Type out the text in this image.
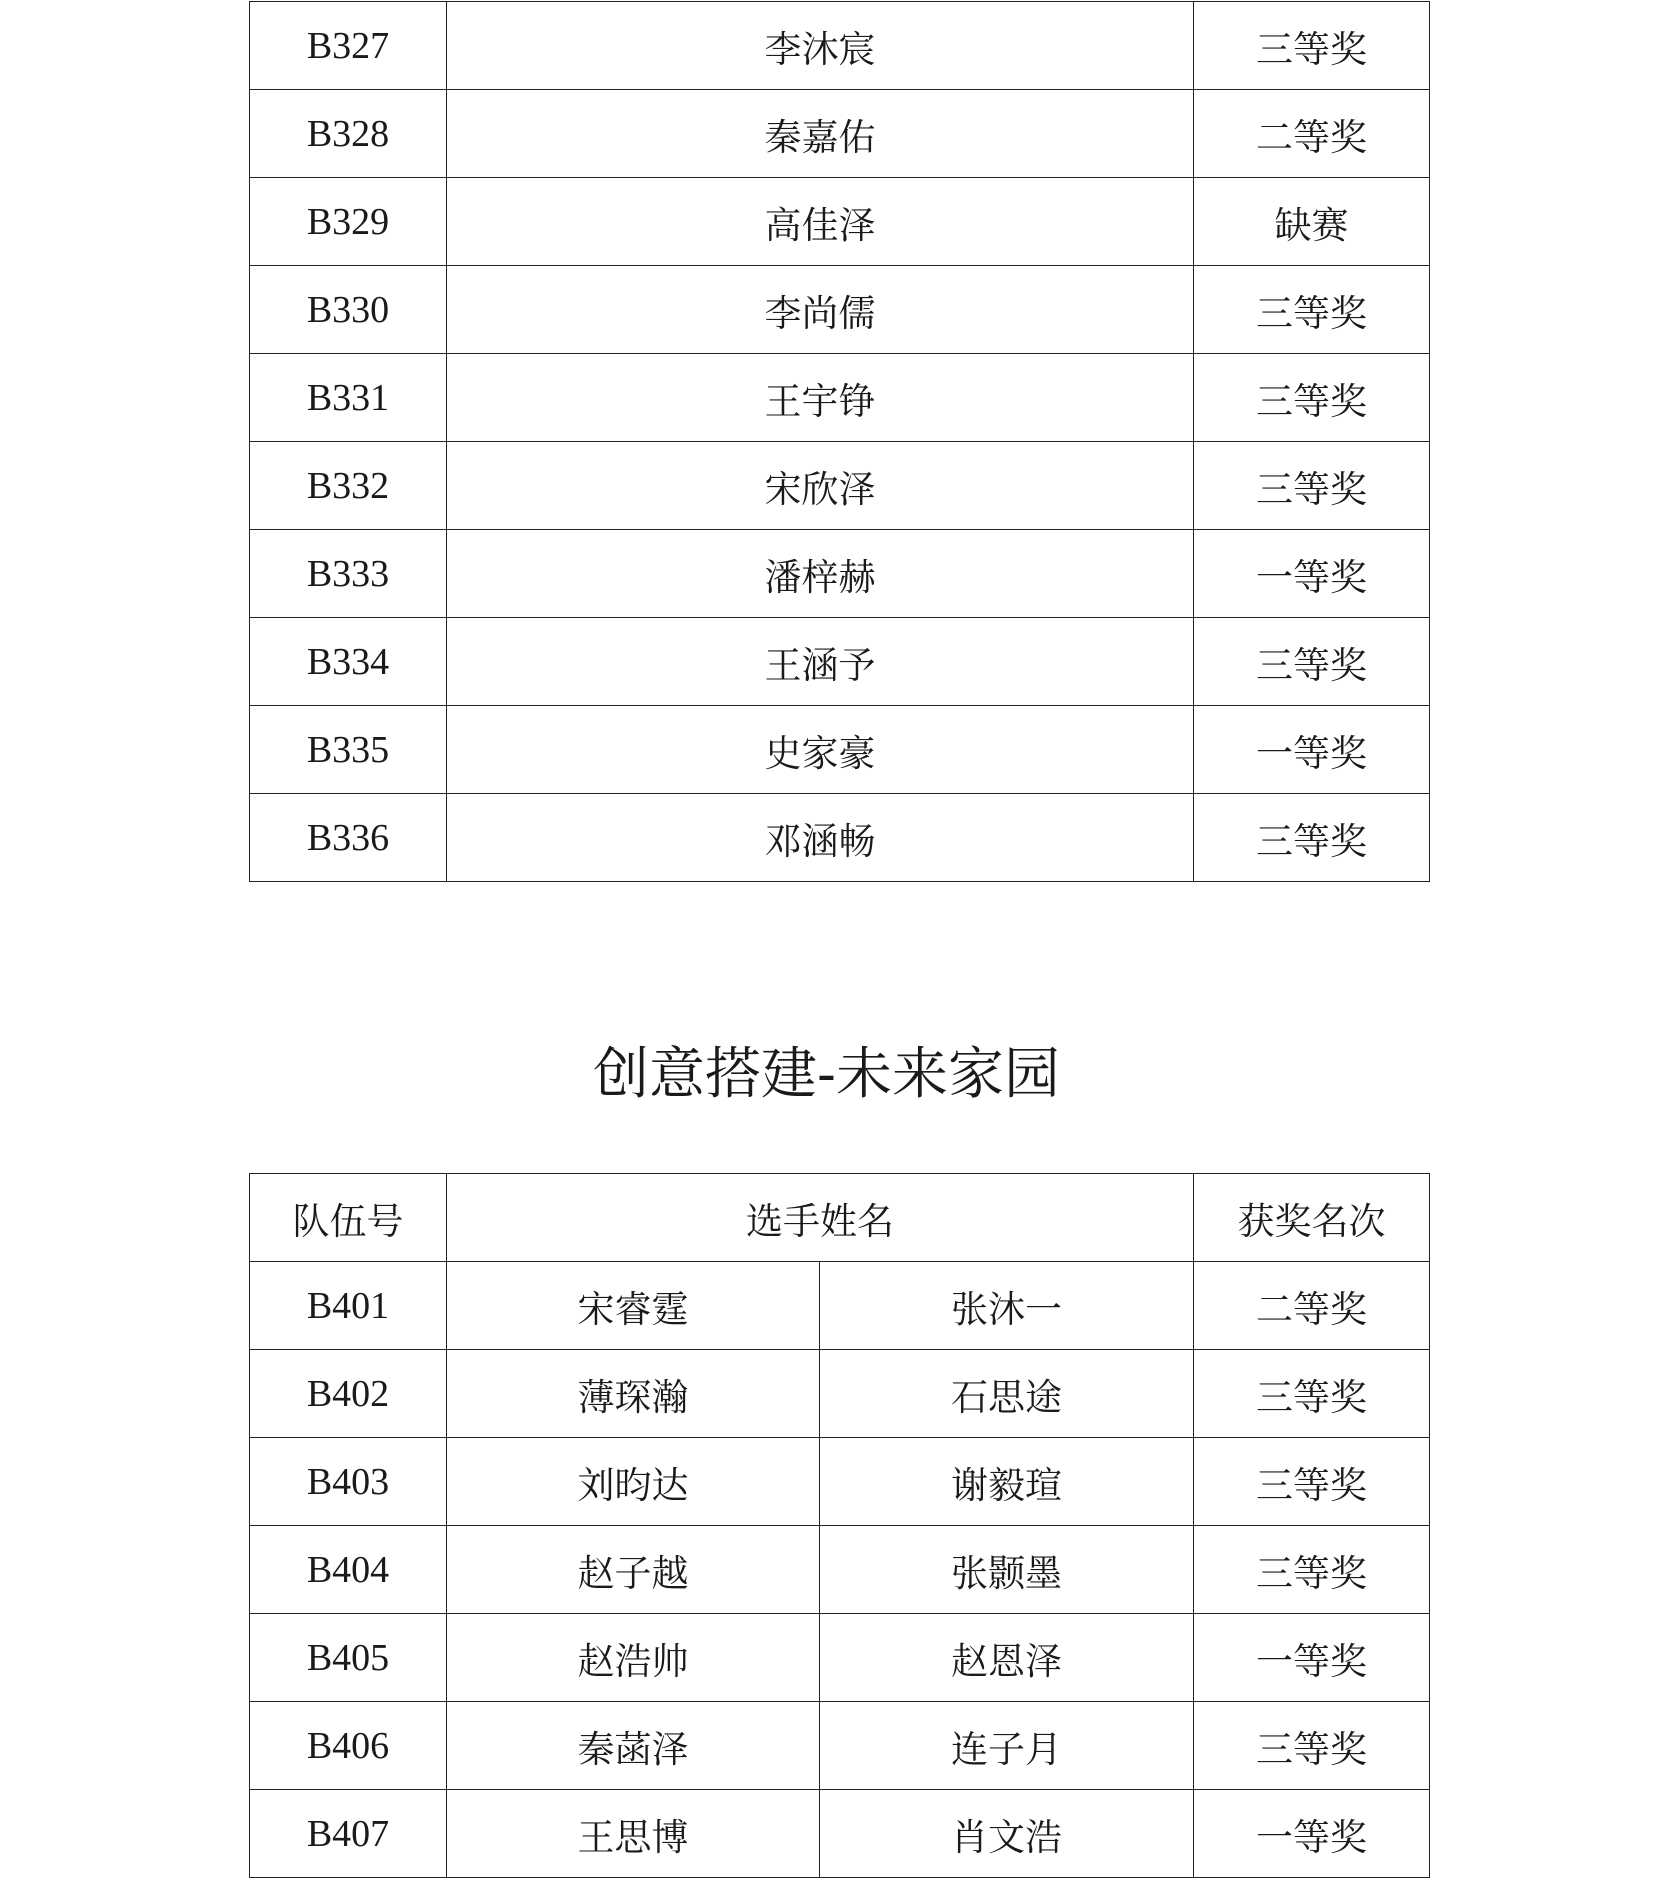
B327	李沐宸	三等奖
B328	秦嘉佑	二等奖
B329	高佳泽	缺赛
B330	李尚儒	三等奖
B331	王宇铮	三等奖
B332	宋欣泽	三等奖
B333	潘梓赫	一等奖
B334	王涵予	三等奖
B335	史家豪	一等奖
B336	邓涵畅	三等奖
创意搭建-未来家园
队伍号	选手姓名		获奖名次
B401	宋睿霆	张沐一	二等奖
B402	薄琛瀚	石思途	三等奖
B403	刘昀达	谢毅瑄	三等奖
B404	赵子越	张颢墨	三等奖
B405	赵浩帅	赵恩泽	一等奖
B406	秦菡泽	连子月	三等奖
B407	王思博	肖文浩	一等奖
